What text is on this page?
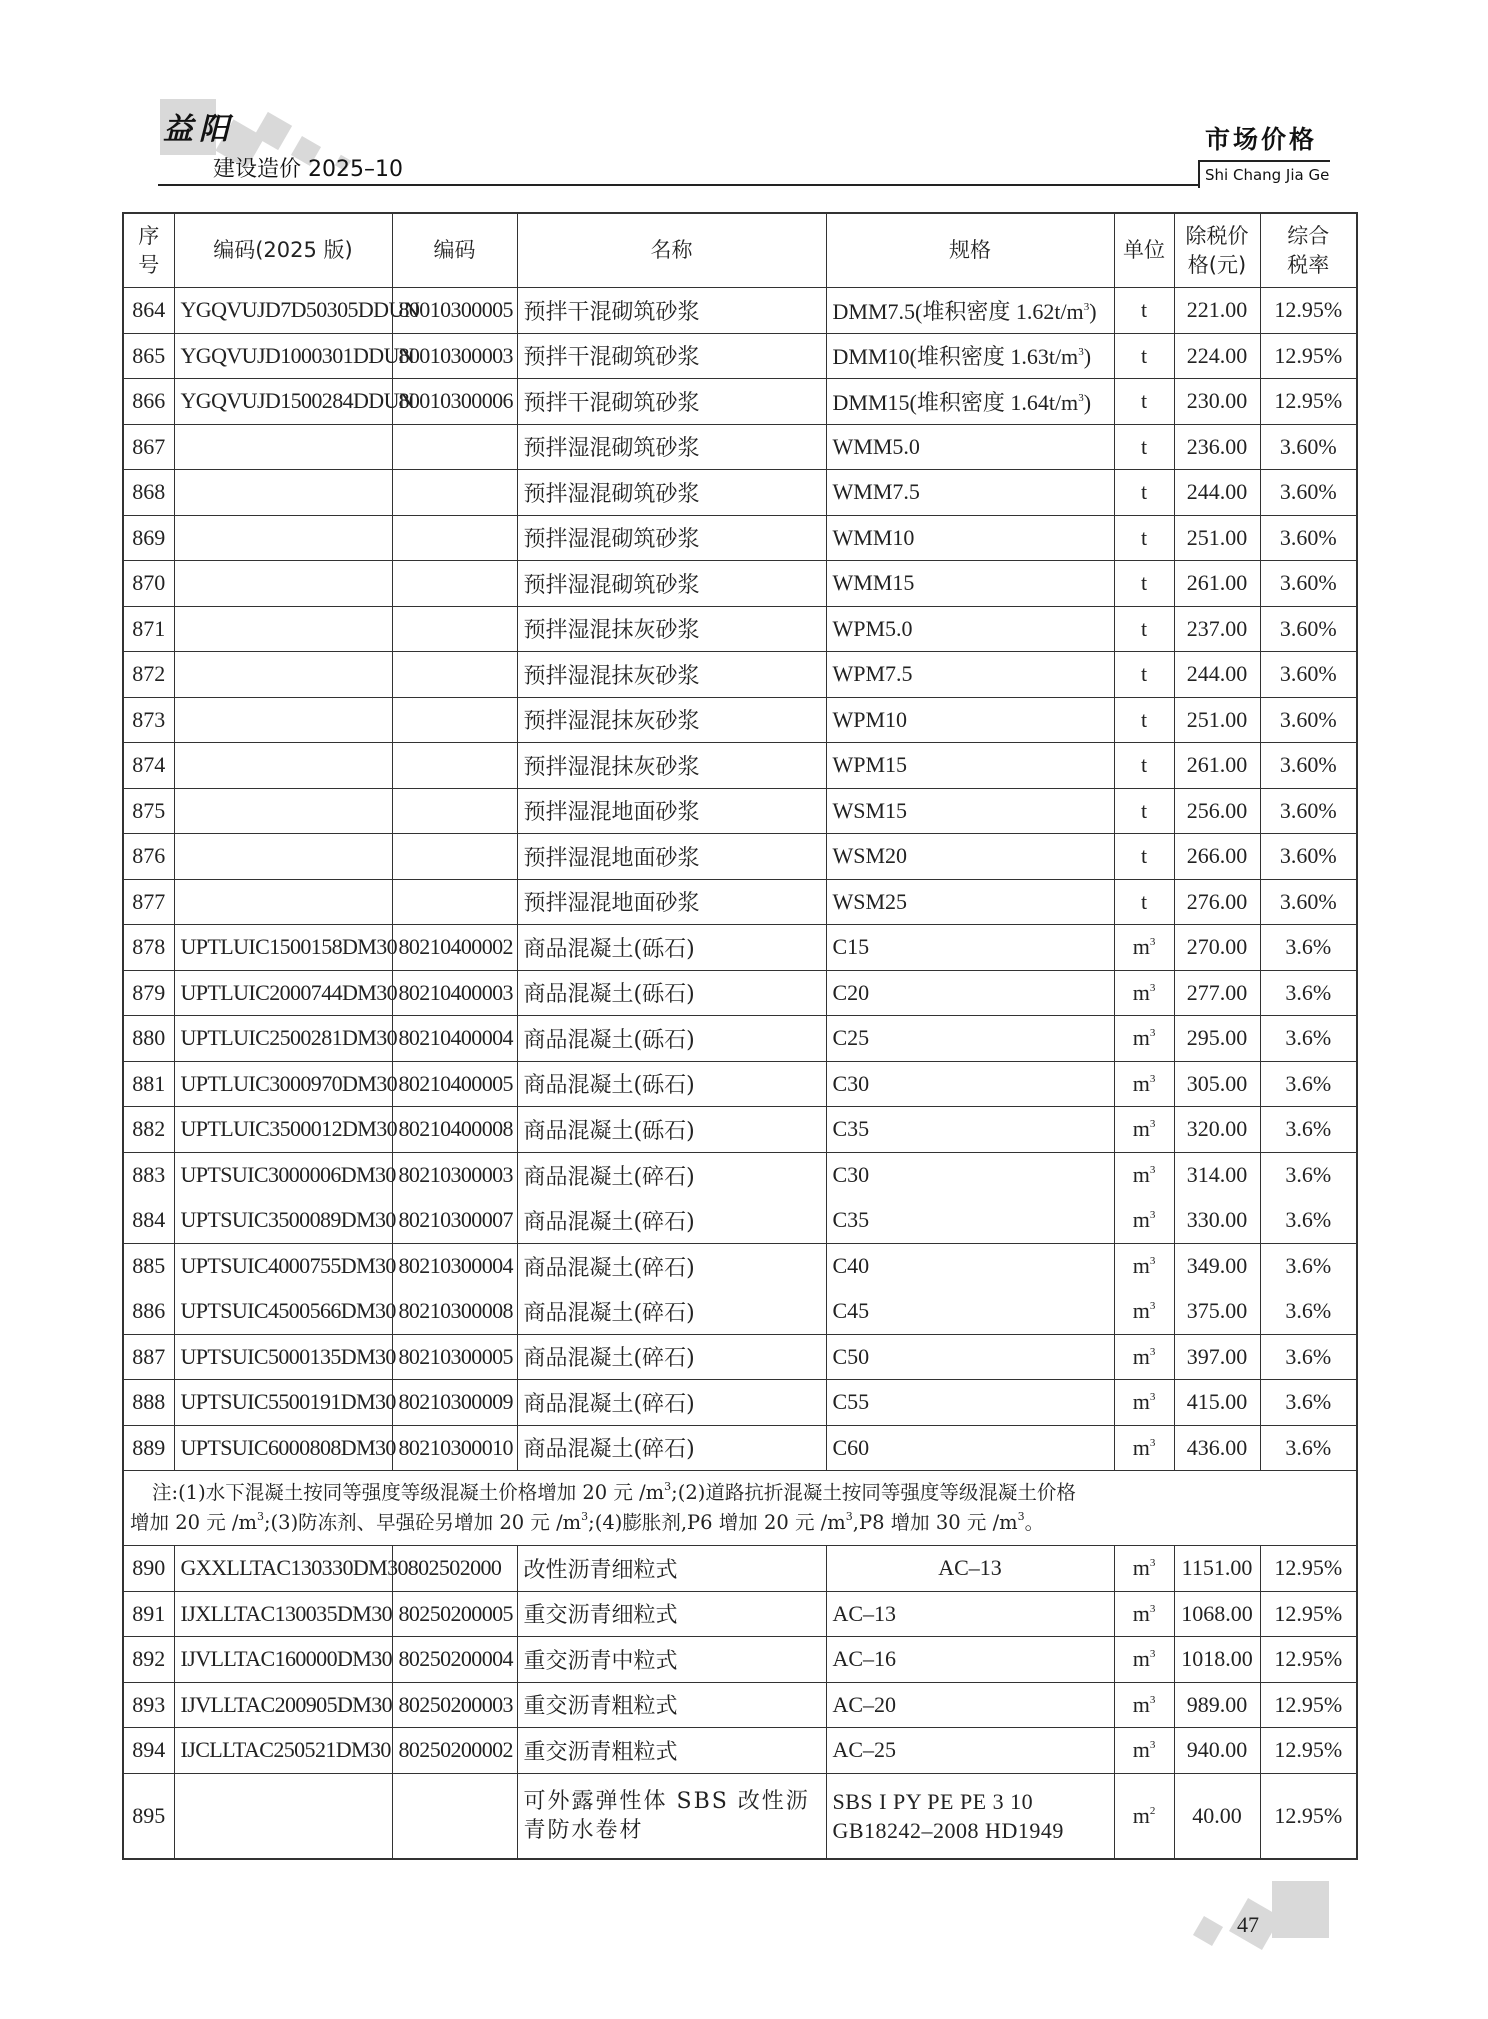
益阳
建设造价 2025–10
市场价格
Shi Chang Jia Ge
序
号	编码(2025 版)	编码	名称	规格	单位	除税价
格(元)	综合
税率
864	YGQVUJD7D50305DDUN	80010300005	预拌干混砌筑砂浆	DMM7.5(堆积密度 $1.62t/m^3$)	t	221.00	12.95%
865	YGQVUJD1000301DDUN	80010300003	预拌干混砌筑砂浆	DMM10(堆积密度 $1.63t/m^3$)	t	224.00	12.95%
866	YGQVUJD1500284DDUN	80010300006	预拌干混砌筑砂浆	DMM15(堆积密度 $1.64t/m^3$)	t	230.00	12.95%
867			预拌湿混砌筑砂浆	WMM5.0	t	236.00	3.60%
868			预拌湿混砌筑砂浆	WMM7.5	t	244.00	3.60%
869			预拌湿混砌筑砂浆	WMM10	t	251.00	3.60%
870			预拌湿混砌筑砂浆	WMM15	t	261.00	3.60%
871			预拌湿混抹灰砂浆	WPM5.0	t	237.00	3.60%
872			预拌湿混抹灰砂浆	WPM7.5	t	244.00	3.60%
873			预拌湿混抹灰砂浆	WPM10	t	251.00	3.60%
874			预拌湿混抹灰砂浆	WPM15	t	261.00	3.60%
875			预拌湿混地面砂浆	WSM15	t	256.00	3.60%
876			预拌湿混地面砂浆	WSM20	t	266.00	3.60%
877			预拌湿混地面砂浆	WSM25	t	276.00	3.60%
878	UPTLUIC1500158DM30	80210400002	商品混凝土(砾石)	C15	$m^3$	270.00	3.6%
879	UPTLUIC2000744DM30	80210400003	商品混凝土(砾石)	C20	$m^3$	277.00	3.6%
880	UPTLUIC2500281DM30	80210400004	商品混凝土(砾石)	C25	$m^3$	295.00	3.6%
881	UPTLUIC3000970DM30	80210400005	商品混凝土(砾石)	C30	$m^3$	305.00	3.6%
882	UPTLUIC3500012DM30	80210400008	商品混凝土(砾石)	C35	$m^3$	320.00	3.6%
883	UPTSUIC3000006DM30	80210300003	商品混凝土(碎石)	C30	$m^3$	314.00	3.6%
884	UPTSUIC3500089DM30	80210300007	商品混凝土(碎石)	C35	$m^3$	330.00	3.6%
885	UPTSUIC4000755DM30	80210300004	商品混凝土(碎石)	C40	$m^3$	349.00	3.6%
886	UPTSUIC4500566DM30	80210300008	商品混凝土(碎石)	C45	$m^3$	375.00	3.6%
887	UPTSUIC5000135DM30	80210300005	商品混凝土(碎石)	C50	$m^3$	397.00	3.6%
888	UPTSUIC5500191DM30	80210300009	商品混凝土(碎石)	C55	$m^3$	415.00	3.6%
889	UPTSUIC6000808DM30	80210300010	商品混凝土(碎石)	C60	$m^3$	436.00	3.6%

注:(1)水下混凝土按同等强度等级混凝土价格增加 20 元 $/m^3;(2)$道路抗折混凝土按同等强度等级混凝土价格
增加 20 元 $/m^3;(3)$防冻剂、早强砼另增加 20 元 $/m^3;(4)$膨胀剂,P6 增加 20 元 $/m^3,P8$ 增加 30 元 $/m^3$。

890	GXXLLTAC130330DM30	802502000	改性沥青细粒式	AC–13	$m^3$	1151.00	12.95%
891	IJXLLTAC130035DM30	80250200005	重交沥青细粒式	AC–13	$m^3$	1068.00	12.95%
892	IJVLLTAC160000DM30	80250200004	重交沥青中粒式	AC–16	$m^3$	1018.00	12.95%
893	IJVLLTAC200905DM30	80250200003	重交沥青粗粒式	AC–20	$m^3$	989.00	12.95%
894	IJCLLTAC250521DM30	80250200002	重交沥青粗粒式	AC–25	$m^3$	940.00	12.95%
895			可外露弹性体 SBS 改性沥青防水卷材	SBS I PY PE PE 3 10 GB18242–2008 HD1949	$m^2$	40.00	12.95%
47
